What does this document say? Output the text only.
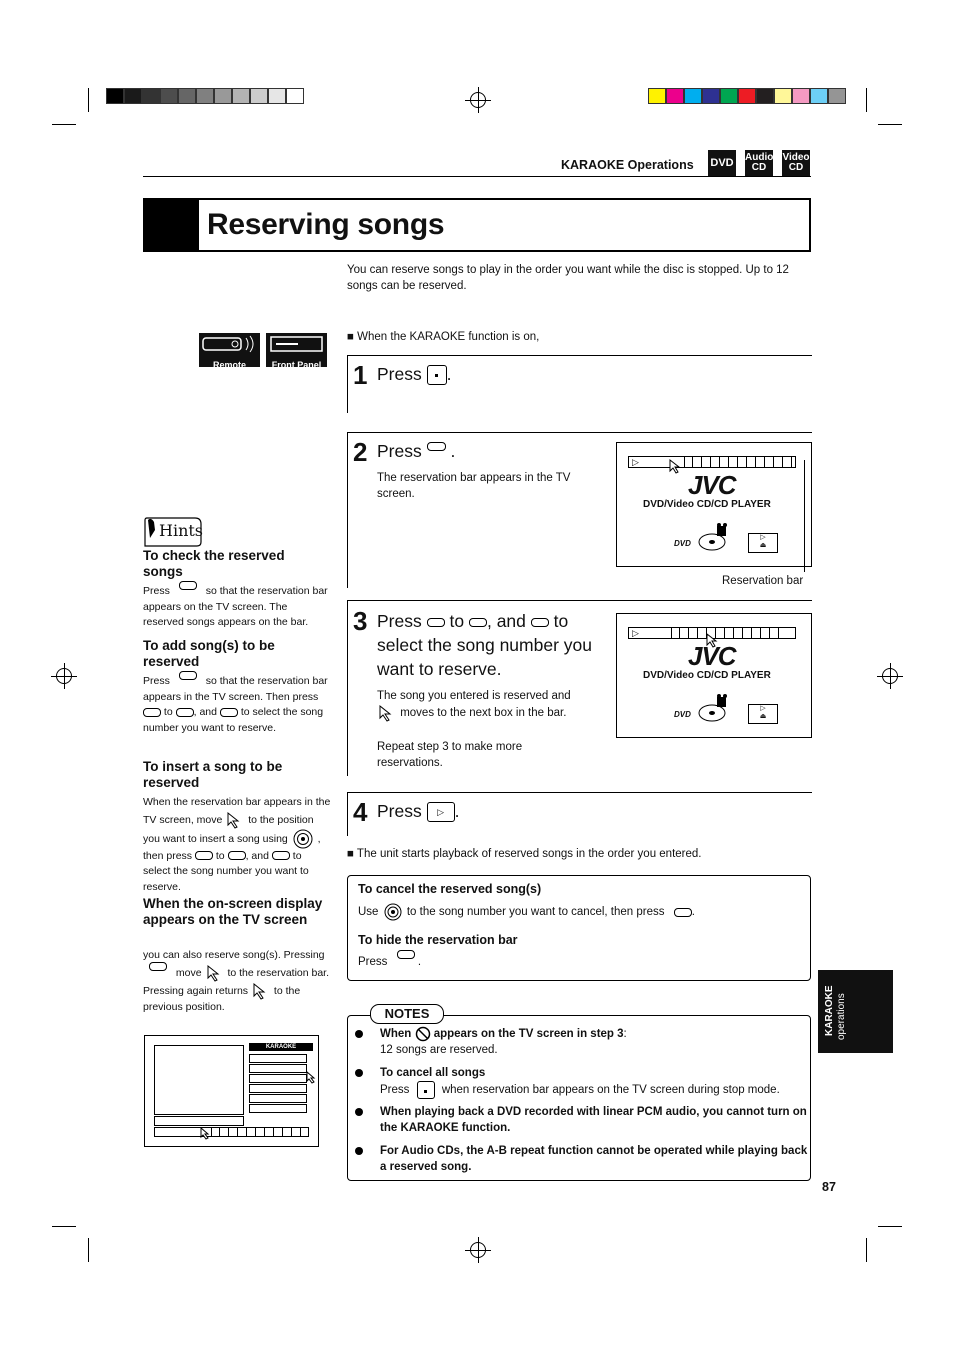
KARAOKE Operations DVD Audio CD
Video CD
Reserving songs
You can reserve songs to play in the order you want while the disc is stopped. Up to 12 songs can be reserved.
Remote Control
Front Panel
■ When the KARAOKE function is on,
1 Press .
2 Press .
The reservation bar appears in the TV screen.
▷
JVC
DVD/Video CD/CD PLAYER
DVD
▷
⏏
Reservation bar
3 Press to , and to select the song number you want to reserve.
The song you entered is reserved and  moves to the next box in the bar.
Repeat step 3 to make more reservations.
▷
JVC
DVD/Video CD/CD PLAYER
DVD
▷
⏏
4 Press ▷ .
■ The unit starts playback of reserved songs in the order you entered.
To cancel the reserved song(s)
Use to the song number you want to cancel, then press .
To hide the reservation bar
Press	.
NOTES
When appears on the TV screen in step 3:
12 songs are reserved.
To cancel all songs
Press	when reservation bar appears on the TV screen during stop mode.
When playing back a DVD recorded with linear PCM audio, you cannot turn on the KARAOKE function.
For Audio CDs, the A-B repeat function cannot be operated while playing back a reserved song.
Hints
To check the reserved songs
Press	so that the reservation bar appears on the TV screen. The reserved songs appears on the bar.
To add song(s) to be reserved
Press	so that the reservation bar appears in the TV screen. Then press  to , and to select the song number you want to reserve.
To insert a song to be reserved
When the reservation bar appears in the TV screen, move to the position you want to insert a song using	, then press to , and to select the song number you want to reserve.
When the on-screen display appears on the TV screen
you can also reserve song(s). Pressing  move to the reservation bar. Pressing again returns to the previous position.
KARAOKE
KARAOKE operations
87
